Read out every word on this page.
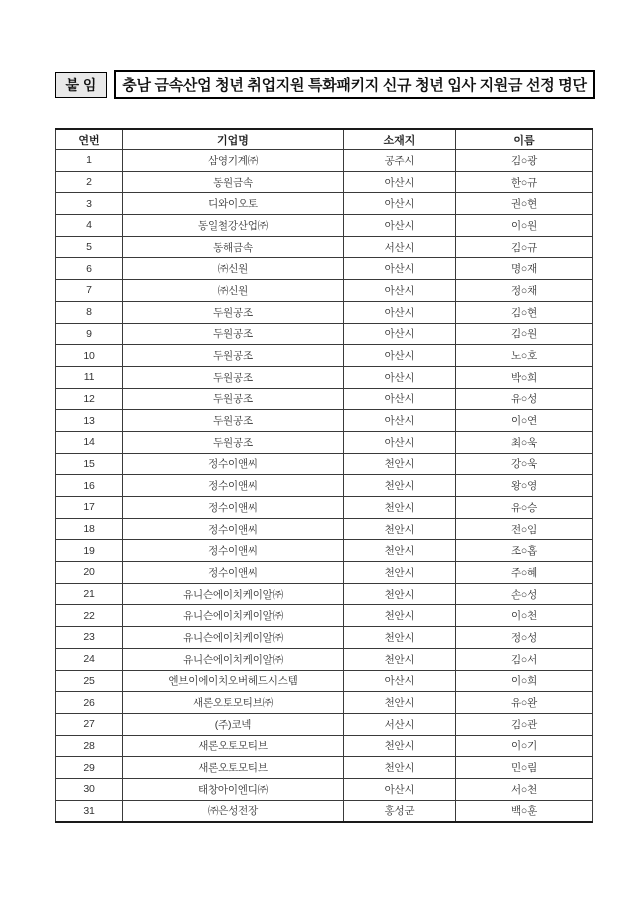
붙 임	충남 금속산업 청년 취업지원 특화패키지 신규 청년 입사 지원금 선정 명단
연번	기업명	소재지	이름
1	삼영기계㈜	공주시	김○광
2	동원금속	아산시	한○규
3	디와이오토	아산시	권○현
4	동일철강산업㈜	아산시	이○원
5	동해금속	서산시	김○규
6	㈜신원	아산시	명○재
7	㈜신원	아산시	정○채
8	두원공조	아산시	김○현
9	두원공조	아산시	김○원
10	두원공조	아산시	노○호
11	두원공조	아산시	박○희
12	두원공조	아산시	유○성
13	두원공조	아산시	이○연
14	두원공조	아산시	최○욱
15	정수이앤씨	천안시	강○욱
16	정수이앤씨	천안시	왕○영
17	정수이앤씨	천안시	유○승
18	정수이앤씨	천안시	전○임
19	정수이앤씨	천안시	조○홉
20	정수이앤씨	천안시	주○혜
21	유니슨에이치케이알㈜	천안시	손○성
22	유니슨에이치케이알㈜	천안시	이○천
23	유니슨에이치케이알㈜	천안시	정○성
24	유니슨에이치케이알㈜	천안시	김○서
25	엔브이에이치오버헤드시스템	아산시	이○희
26	새론오토모티브㈜	천안시	유○완
27	(주)코넥	서산시	김○관
28	새론오토모티브	천안시	이○기
29	새론오토모티브	천안시	민○림
30	태창아이엔디㈜	아산시	서○천
31	㈜은성전장	홍성군	백○훈
